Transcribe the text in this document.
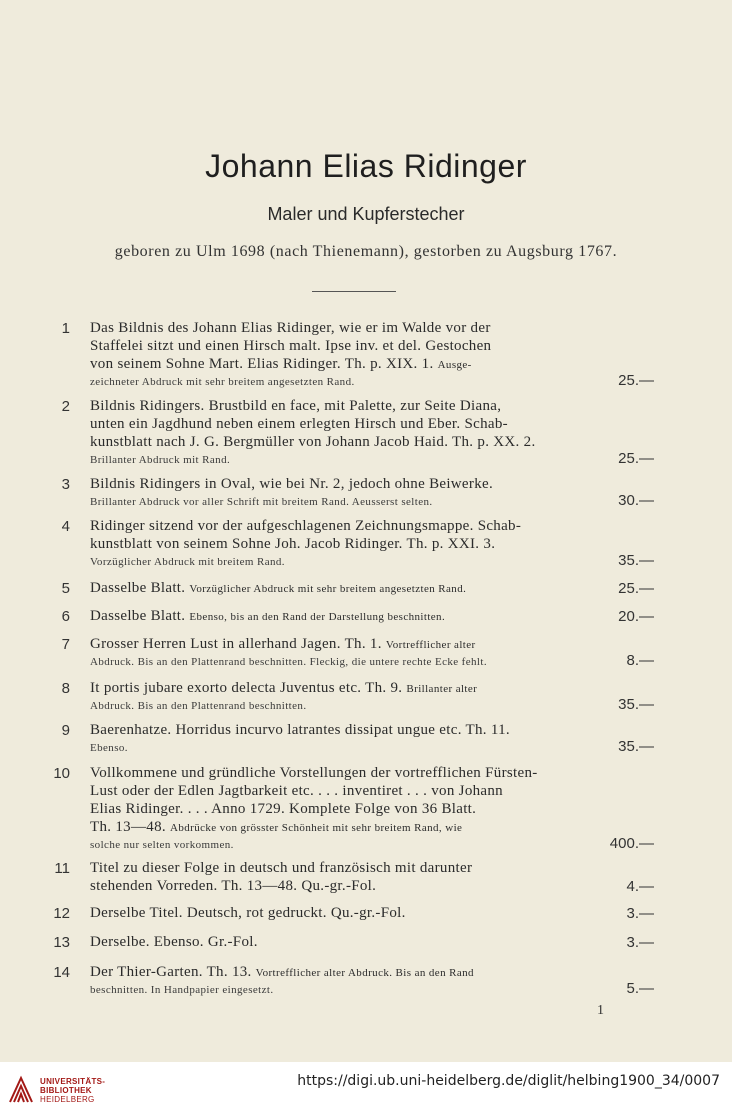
Johann Elias Ridinger
Maler und Kupferstecher
geboren zu Ulm 1698 (nach Thienemann), gestorben zu Augsburg 1767.
1 Das Bildnis des Johann Elias Ridinger, wie er im Walde vor der
Staffelei sitzt und einen Hirsch malt. Ipse inv. et del. Gestochen
von seinem Sohne Mart. Elias Ridinger. Th. p. XIX. 1. Ausge-
zeichneter Abdruck mit sehr breitem angesetzten Rand.	25.—
2 Bildnis Ridingers. Brustbild en face, mit Palette, zur Seite Diana,
unten ein Jagdhund neben einem erlegten Hirsch und Eber. Schab-
kunstblatt nach J. G. Bergmüller von Johann Jacob Haid. Th. p. XX. 2.
Brillanter Abdruck mit Rand.	25.—
3 Bildnis Ridingers in Oval, wie bei Nr. 2, jedoch ohne Beiwerke.
Brillanter Abdruck vor aller Schrift mit breitem Rand. Aeusserst selten.	30.—
4 Ridinger sitzend vor der aufgeschlagenen Zeichnungsmappe. Schab-
kunstblatt von seinem Sohne Joh. Jacob Ridinger. Th. p. XXI. 3.
Vorzüglicher Abdruck mit breitem Rand.	35.—
5 Dasselbe Blatt. Vorzüglicher Abdruck mit sehr breitem angesetzten Rand.	25.—
6 Dasselbe Blatt. Ebenso, bis an den Rand der Darstellung beschnitten.	20.—
7 Grosser Herren Lust in allerhand Jagen. Th. 1. Vortrefflicher alter
Abdruck. Bis an den Plattenrand beschnitten. Fleckig, die untere rechte Ecke fehlt.	8.—
8 It portis jubare exorto delecta Juventus etc. Th. 9. Brillanter alter
Abdruck. Bis an den Plattenrand beschnitten.	35.—
9 Baerenhatze. Horridus incurvo latrantes dissipat ungue etc. Th. 11.
Ebenso.	35.—
10 Vollkommene und gründliche Vorstellungen der vortrefflichen Fürsten-
Lust oder der Edlen Jagtbarkeit etc. . . . inventiret . . . von Johann
Elias Ridinger. . . . Anno 1729. Komplete Folge von 36 Blatt.
Th. 13—48. Abdrücke von grösster Schönheit mit sehr breitem Rand, wie
solche nur selten vorkommen.	400.—
11 Titel zu dieser Folge in deutsch und französisch mit darunter
stehenden Vorreden. Th. 13—48. Qu.-gr.-Fol.	4.—
12 Derselbe Titel. Deutsch, rot gedruckt. Qu.-gr.-Fol.	3.—
13 Derselbe. Ebenso. Gr.-Fol.	3.—
14 Der Thier-Garten. Th. 13. Vortrefflicher alter Abdruck. Bis an den Rand
beschnitten. In Handpapier eingesetzt.	5.—
1
UNIVERSITÄTS-
BIBLIOTHEK
HEIDELBERG
https://digi.ub.uni-heidelberg.de/diglit/helbing1900_34/0007
